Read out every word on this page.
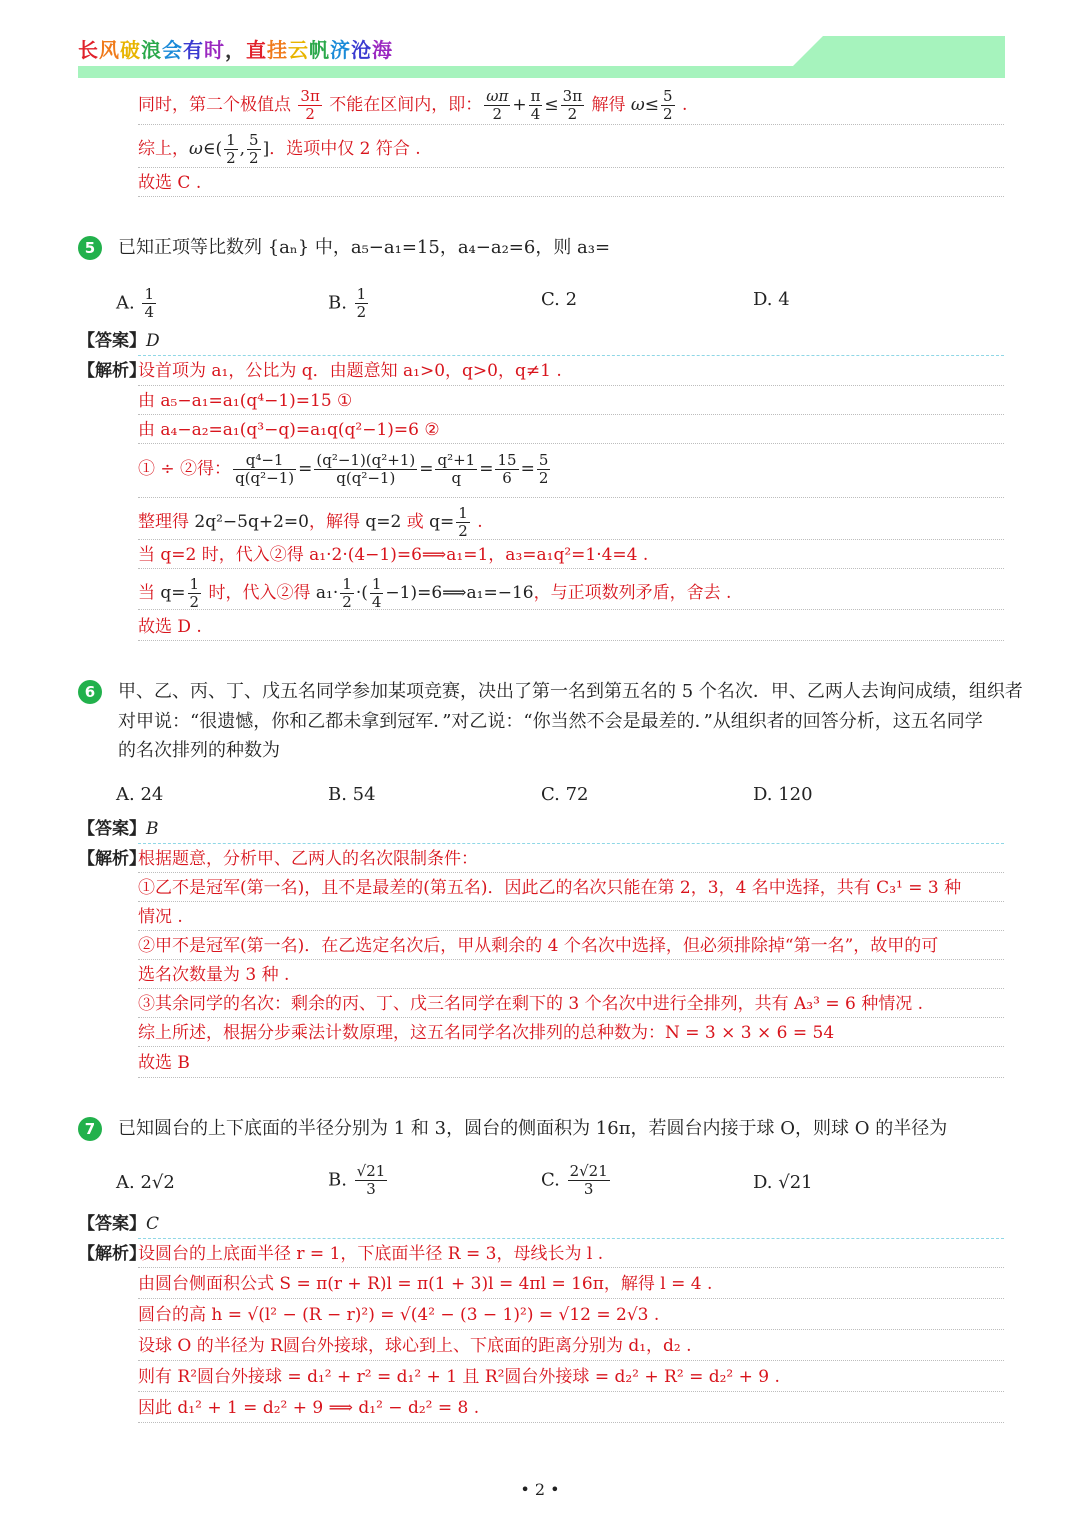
长风破浪会有时，直挂云帆济沧海
同时，第二个极值点 $\frac{3\pi}{2}$ 不能在区间内，即： $\frac{\omega\pi}{2} + \frac{\pi}{4} \le \frac{3\pi}{2}$ 解得 $\omega\le \frac{5}{2}$ .
综上，ω∈( $\frac{1}{2}$ , $\frac{5}{2}$ ]．选项中仅 2 符合 .
故选 C .
5	已知正项等比数列 {aₙ} 中，a₅−a₁=15，a₄−a₂=6，则 a₃=
A. $\frac{1}{4}$	B. $\frac{1}{2}$	C. 2	D. 4
【答案】D
【解析】
设首项为 a₁，公比为 q．由题意知 a₁>0，q>0，q≠1 .
由 a₅−a₁=a₁(q⁴−1)=15 ①
由 a₄−a₂=a₁(q³−q)=a₁q(q²−1)=6 ②
① ÷ ②得： $\frac{\text{q⁴−1}}{\text{q(q²−1)}} = \frac{\text{(q²−1)(q²+1)}}{\text{q(q²−1)}} = \frac{\text{q²+1}}{q} = \frac{15}{6} = \frac{5}{2}$
整理得 2q²−5q+2=0，解得 q=2 或 $q= \frac{1}{2}$ .
当 q=2 时，代入②得 a₁·2·(4−1)=6⟹a₁=1，a₃=a₁q²=1·4=4 .
当 $q= \frac{1}{2}$ 时，代入②得 $a_1\cdot \frac{1}{2}$ ·( $\frac{1}{4}$ −1)=6⟹a₁=−16，与正项数列矛盾，舍去 .
故选 D .
6	甲、乙、丙、丁、戊五名同学参加某项竞赛，决出了第一名到第五名的 5 个名次．甲、乙两人去询问成绩，组织者
对甲说：“很遗憾，你和乙都未拿到冠军．”对乙说：“你当然不会是最差的．”从组织者的回答分析，这五名同学
的名次排列的种数为
A. 24	B. 54	C. 72	D. 120
【答案】B
【解析】
根据题意，分析甲、乙两人的名次限制条件：
①乙不是冠军(第一名)，且不是最差的(第五名)．因此乙的名次只能在第 2，3，4 名中选择，共有 C₃¹ = 3 种
情况 .
②甲不是冠军(第一名)．在乙选定名次后，甲从剩余的 4 个名次中选择，但必须排除掉“第一名”，故甲的可
选名次数量为 3 种 .
③其余同学的名次：剩余的丙、丁、戊三名同学在剩下的 3 个名次中进行全排列，共有 A₃³ = 6 种情况 .
综上所述，根据分步乘法计数原理，这五名同学名次排列的总种数为：N = 3 × 3 × 6 = 54
故选 B
7	已知圆台的上下底面的半径分别为 1 和 3，圆台的侧面积为 16π，若圆台内接于球 O，则球 O 的半径为
A. 2√2	B. $\frac{√21}{3}$	C. $\frac{2√21}{3}$	D. √21
【答案】C
【解析】
设圆台的上底面半径 r = 1，下底面半径 R = 3，母线长为 l .
由圆台侧面积公式 S = π(r + R)l = π(1 + 3)l = 4πl = 16π，解得 l = 4 .
圆台的高 h = √(l² − (R − r)²) = √(4² − (3 − 1)²) = √12 = 2√3 .
设球 O 的半径为 R圆台外接球，球心到上、下底面的距离分别为 d₁，d₂ .
则有 R²圆台外接球 = d₁² + r² = d₁² + 1 且 R²圆台外接球 = d₂² + R² = d₂² + 9 .
因此 d₁² + 1 = d₂² + 9 ⟹ d₁² − d₂² = 8 .
• 2 •
